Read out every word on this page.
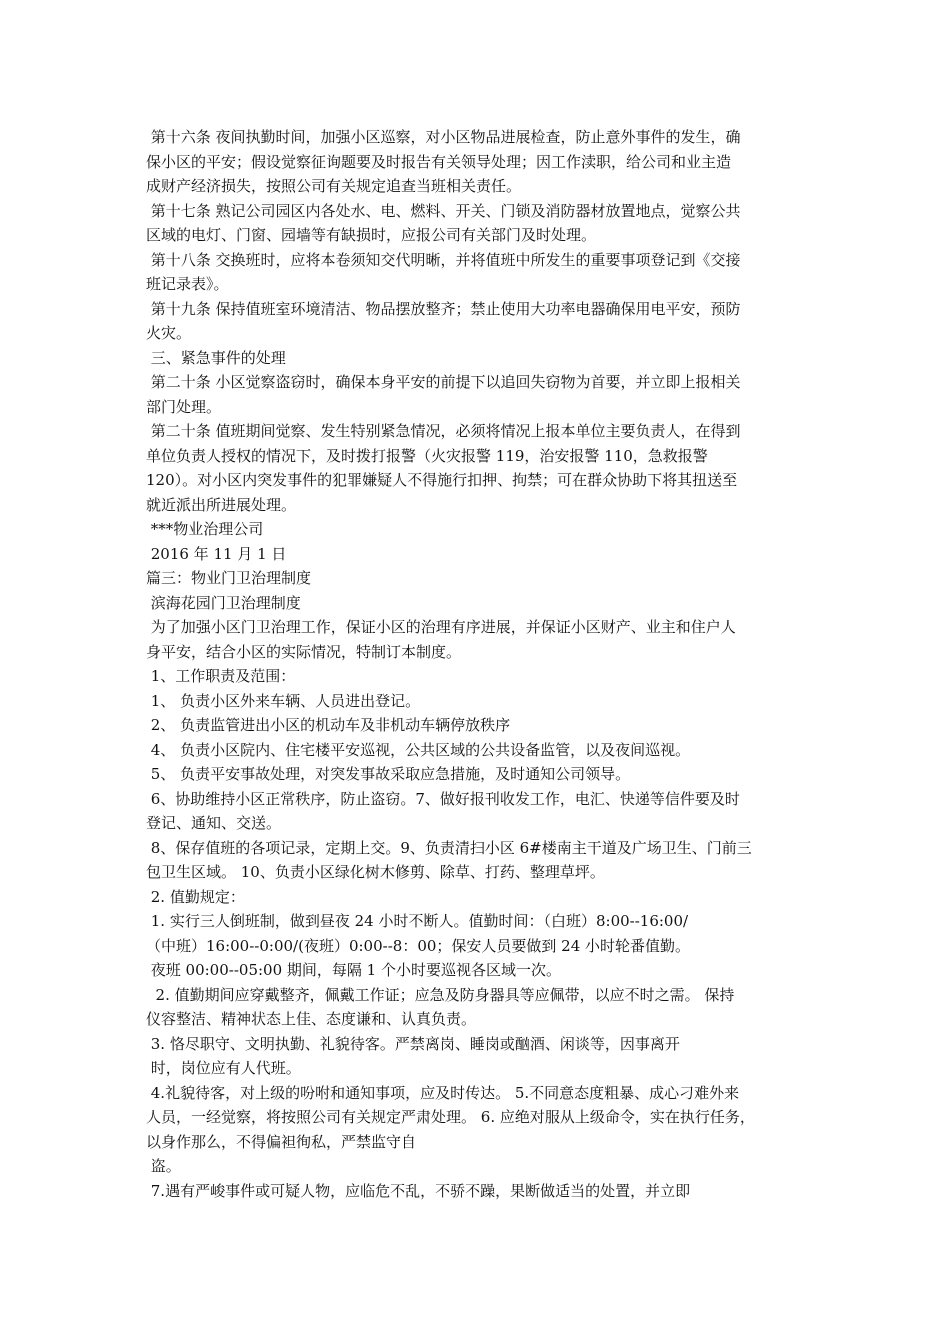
第十六条 夜间执勤时间，加强小区巡察，对小区物品进展检查，防止意外事件的发生，确
保小区的平安；假设觉察征询题要及时报告有关领导处理；因工作渎职，给公司和业主造
成财产经济损失，按照公司有关规定追查当班相关责任。
第十七条 熟记公司园区内各处水、电、燃料、开关、门锁及消防器材放置地点，觉察公共
区域的电灯、门窗、园墙等有缺损时，应报公司有关部门及时处理。
第十八条 交换班时，应将本卷须知交代明晰，并将值班中所发生的重要事项登记到《交接
班记录表》。
第十九条 保持值班室环境清洁、物品摆放整齐；禁止使用大功率电器确保用电平安，预防
火灾。
三、紧急事件的处理
第二十条 小区觉察盗窃时，确保本身平安的前提下以追回失窃物为首要，并立即上报相关
部门处理。
第二十条 值班期间觉察、发生特别紧急情况，必须将情况上报本单位主要负责人，在得到
单位负责人授权的情况下，及时拨打报警（火灾报警 119，治安报警 110，急救报警
120）。对小区内突发事件的犯罪嫌疑人不得施行扣押、拘禁；可在群众协助下将其扭送至
就近派出所进展处理。
***物业治理公司
2016 年 11 月 1 日
篇三：物业门卫治理制度
滨海花园门卫治理制度
为了加强小区门卫治理工作，保证小区的治理有序进展，并保证小区财产、业主和住户人
身平安，结合小区的实际情况，特制订本制度。
1、工作职责及范围：
1、 负责小区外来车辆、人员进出登记。
2、 负责监管进出小区的机动车及非机动车辆停放秩序
4、 负责小区院内、住宅楼平安巡视，公共区域的公共设备监管，以及夜间巡视。
5、 负责平安事故处理，对突发事故采取应急措施，及时通知公司领导。
6、协助维持小区正常秩序，防止盗窃。7、做好报刊收发工作，电汇、快递等信件要及时
登记、通知、交送。
8、保存值班的各项记录，定期上交。9、负责清扫小区 6#楼南主干道及广场卫生、门前三
包卫生区域。 10、负责小区绿化树木修剪、除草、打药、整理草坪。
2. 值勤规定：
1. 实行三人倒班制，做到昼夜 24 小时不断人。值勤时间：（白班）8:00--16:00/
（中班）16:00--0:00/(夜班）0:00--8：00；保安人员要做到 24 小时轮番值勤。
夜班 00:00--05:00 期间，每隔 1 个小时要巡视各区域一次。
2. 值勤期间应穿戴整齐，佩戴工作证；应急及防身器具等应佩带，以应不时之需。 保持
仪容整洁、精神状态上佳、态度谦和、认真负责。
3. 恪尽职守、文明执勤、礼貌待客。严禁离岗、睡岗或酗酒、闲谈等，因事离开
时，岗位应有人代班。
4.礼貌待客，对上级的吩咐和通知事项，应及时传达。 5.不同意态度粗暴、成心刁难外来
人员，一经觉察，将按照公司有关规定严肃处理。 6. 应绝对服从上级命令，实在执行任务，
以身作那么，不得偏袒徇私，严禁监守自
盗。
7.遇有严峻事件或可疑人物，应临危不乱，不骄不躁，果断做适当的处置，并立即
